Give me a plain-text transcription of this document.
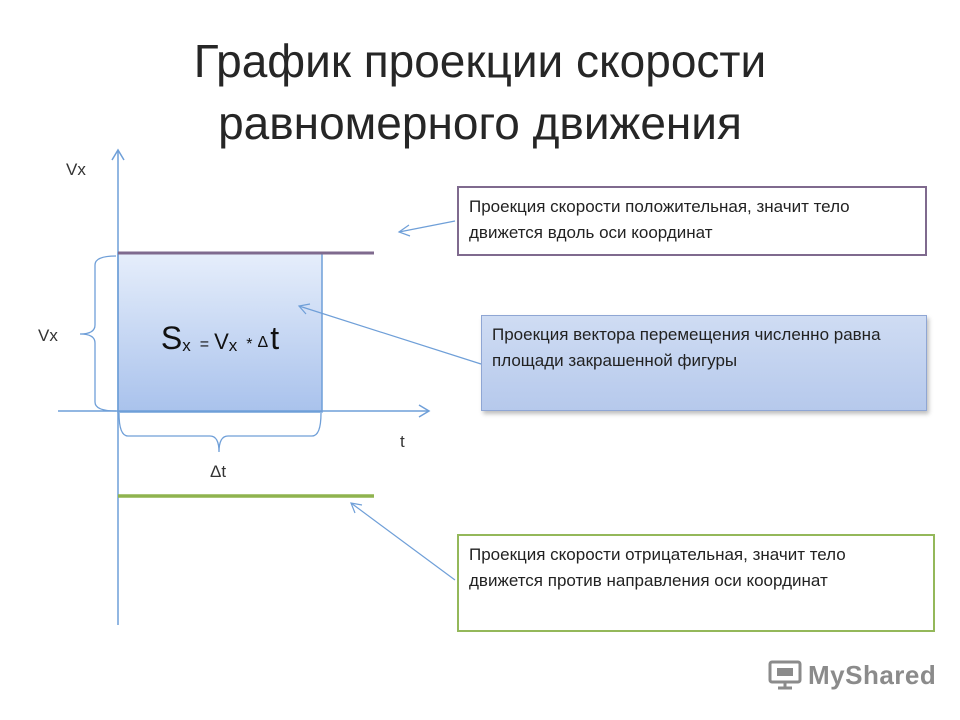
График проекции скорости
равномерного движения
Vx
Vx
t
Δt
Sx = Vx * Δt
Проекция скорости положительная, значит тело движется вдоль оси координат
Проекция вектора перемещения численно равна площади закрашенной фигуры
Проекция скорости отрицательная, значит тело движется против направления оси координат
MyShared
